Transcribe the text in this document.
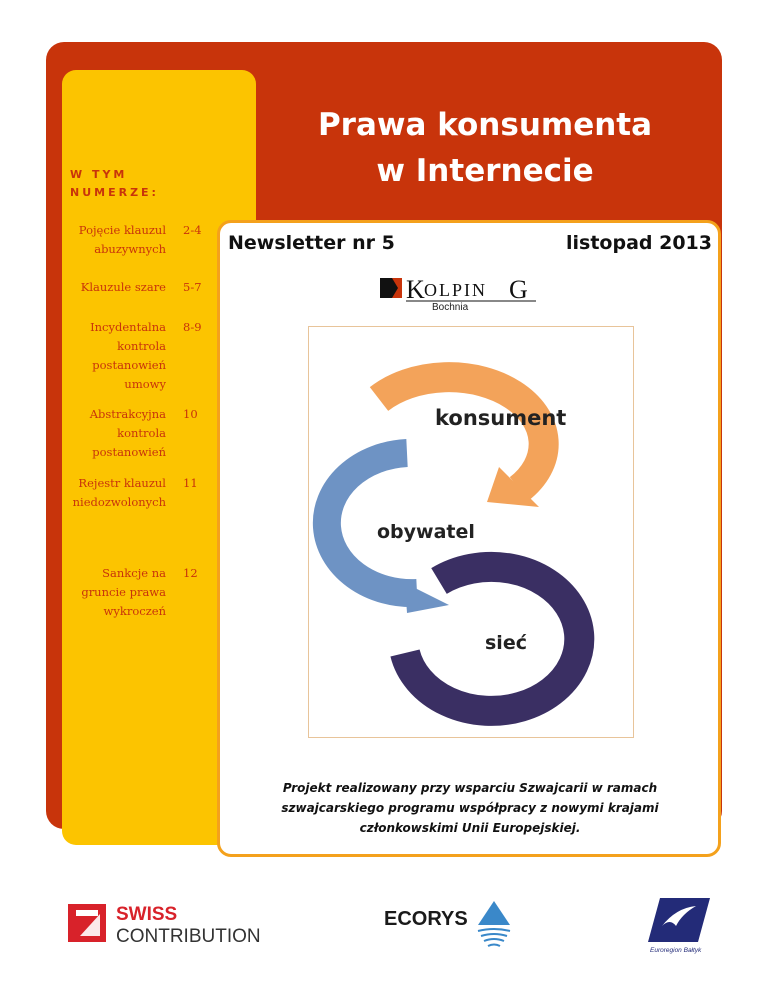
Prawa konsumenta
w Internecie
W TYM NUMERZE:
Pojęcie klauzul abuzywnych
2-4
Klauzule szare 5-7
Incydentalna kontrola postanowień umowy
8-9
Abstrakcyjna kontrola postanowień
10
Rejestr klauzul niedozwolonych
11
Sankcje na gruncie prawa wykroczeń
12
Newsletter nr 5	listopad 2013
K OLPIN G
Bochnia
konsument
obywatel
sieć
Projekt realizowany przy wsparciu Szwajcarii w ramach szwajcarskiego programu współpracy z nowymi krajami członkowskimi Unii Europejskiej.
SWISS
CONTRIBUTION
ECORYS
Euroregion Bałtyk
